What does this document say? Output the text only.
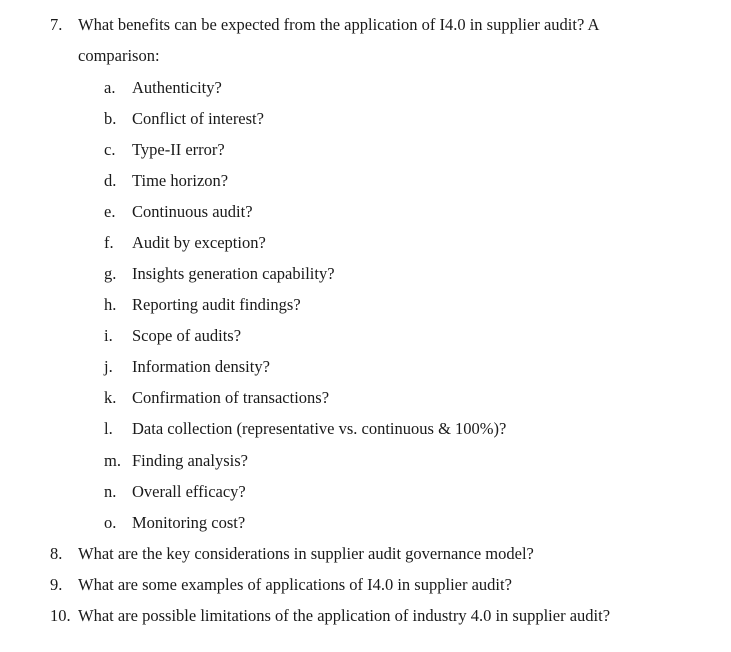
7. What benefits can be expected from the application of I4.0 in supplier audit? A
comparison:
a. Authenticity?
b. Conflict of interest?
c. Type-II error?
d. Time horizon?
e. Continuous audit?
f. Audit by exception?
g. Insights generation capability?
h. Reporting audit findings?
i. Scope of audits?
j. Information density?
k. Confirmation of transactions?
l. Data collection (representative vs. continuous & 100%)?
m. Finding analysis?
n. Overall efficacy?
o. Monitoring cost?
8. What are the key considerations in supplier audit governance model?
9. What are some examples of applications of I4.0 in supplier audit?
10. What are possible limitations of the application of industry 4.0 in supplier audit?
